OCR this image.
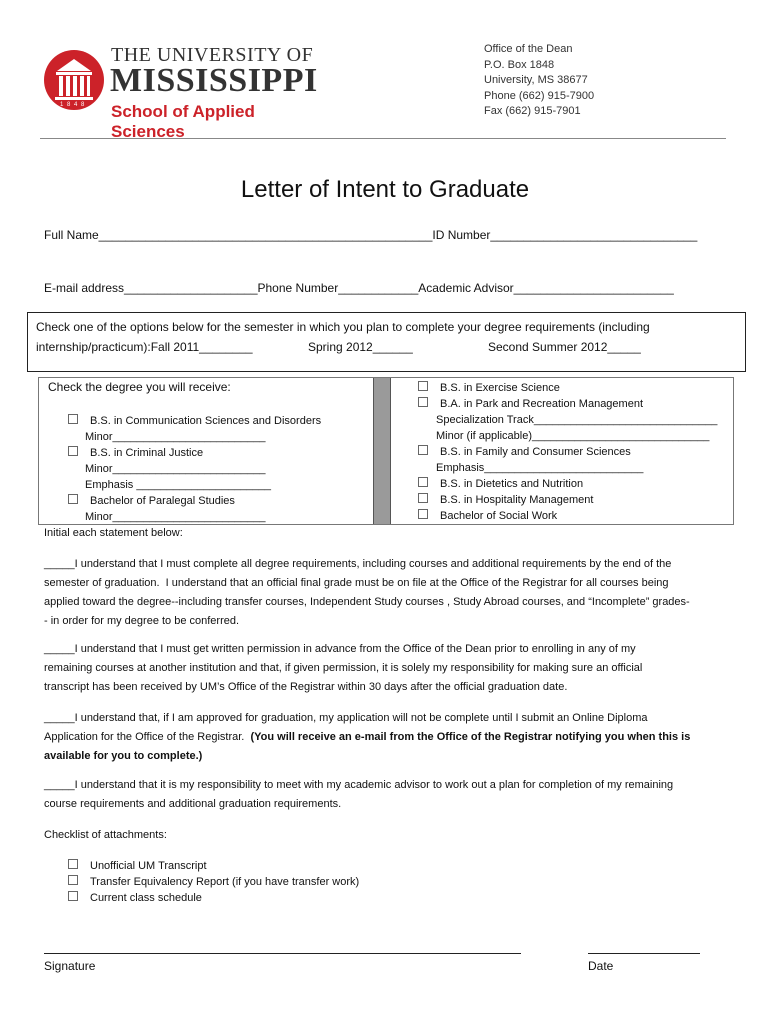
1 8 4 8
THE UNIVERSITY OF
MISSISSIPPI
School of Applied Sciences
Office of the Dean
P.O. Box 1848
University, MS 38677
Phone (662) 915-7900
Fax (662) 915-7901
Letter of Intent to Graduate
Full Name__________________________________________________ID Number_______________________________
E-mail address____________________Phone Number____________Academic Advisor________________________
Check one of the options below for the semester in which you plan to complete your degree requirements (including
internship/practicum):Fall 2011________	Spring 2012______	Second Summer 2012_____
Check the degree you will receive:
B.S. in Communication Sciences and Disorders
Minor_________________________
B.S. in Criminal Justice
Minor_________________________
Emphasis ______________________
Bachelor of Paralegal Studies
Minor_________________________
B.S. in Exercise Science
B.A. in Park and Recreation Management
Specialization Track______________________________
Minor (if applicable)_____________________________
B.S. in Family and Consumer Sciences
Emphasis__________________________
B.S. in Dietetics and Nutrition
B.S. in Hospitality Management
Bachelor of Social Work
Initial each statement below:
_____I understand that I must complete all degree requirements, including courses and additional requirements by the end of the
semester of graduation.  I understand that an official final grade must be on file at the Office of the Registrar for all courses being
applied toward the degree--including transfer courses, Independent Study courses , Study Abroad courses, and “Incomplete” grades-
- in order for my degree to be conferred.
_____I understand that I must get written permission in advance from the Office of the Dean prior to enrolling in any of my
remaining courses at another institution and that, if given permission, it is solely my responsibility for making sure an official
transcript has been received by UM’s Office of the Registrar within 30 days after the official graduation date.
_____I understand that, if I am approved for graduation, my application will not be complete until I submit an Online Diploma
Application for the Office of the Registrar.  (You will receive an e-mail from the Office of the Registrar notifying you when this is
available for you to complete.)
_____I understand that it is my responsibility to meet with my academic advisor to work out a plan for completion of my remaining
course requirements and additional graduation requirements.
Checklist of attachments:
Unofficial UM Transcript
Transfer Equivalency Report (if you have transfer work)
Current class schedule
Signature	Date
